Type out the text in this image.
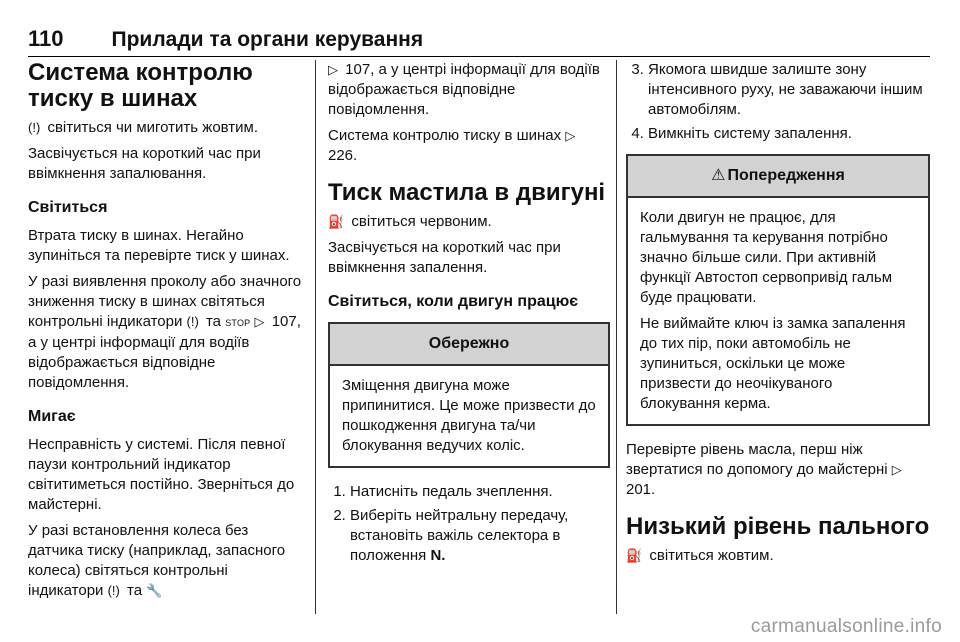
110 Прилади та органи керування
Система контролю тиску в шинах

(!) світиться чи миготить жовтим.

Засвічується на короткий час при ввімкнення запалювання.

Світиться

Втрата тиску в шинах. Негайно зупиніться та перевірте тиск у шинах.

У разі виявлення проколу або значного зниження тиску в шинах світяться контрольні індикатори (!) та STOP ▷ 107, а у центрі інформації для водіїв відображається відповідне повідомлення.

Мигає

Несправність у системі. Після певної паузи контрольний індикатор світитиметься постійно. Зверніться до майстерні.

У разі встановлення колеса без датчика тиску (наприклад, запасного колеса) світяться контрольні індикатори (!) та 🔧

▷ 107, а у центрі інформації для водіїв відображається відповідне повідомлення.

Система контролю тиску в шинах ▷ 226.

Тиск мастила в двигуні

⛽ світиться червоним.

Засвічується на короткий час при ввімкнення запалення.

Світиться, коли двигун працює
Обережно

Зміщення двигуна може припинитися. Це може призвести до пошкодження двигуна та/чи блокування ведучих коліс.

1. Натисніть педаль зчеплення.
2. Виберіть нейтральну передачу, встановіть важіль селектора в положення N.
3. Якомога швидше залиште зону інтенсивного руху, не заважаючи іншим автомобілям.
4. Вимкніть систему запалення.
⚠ Попередження

Коли двигун не працює, для гальмування та керування потрібно значно більше сили. При активній функції Автостоп сервопривід гальм буде працювати.

Не виймайте ключ із замка запалення до тих пір, поки автомобіль не зупиниться, оскільки це може призвести до неочікуваного блокування керма.

Перевірте рівень масла, перш ніж звертатися по допомогу до майстерні ▷ 201.

Низький рівень пального

⛽ світиться жовтим.

carmanualsonline.info
